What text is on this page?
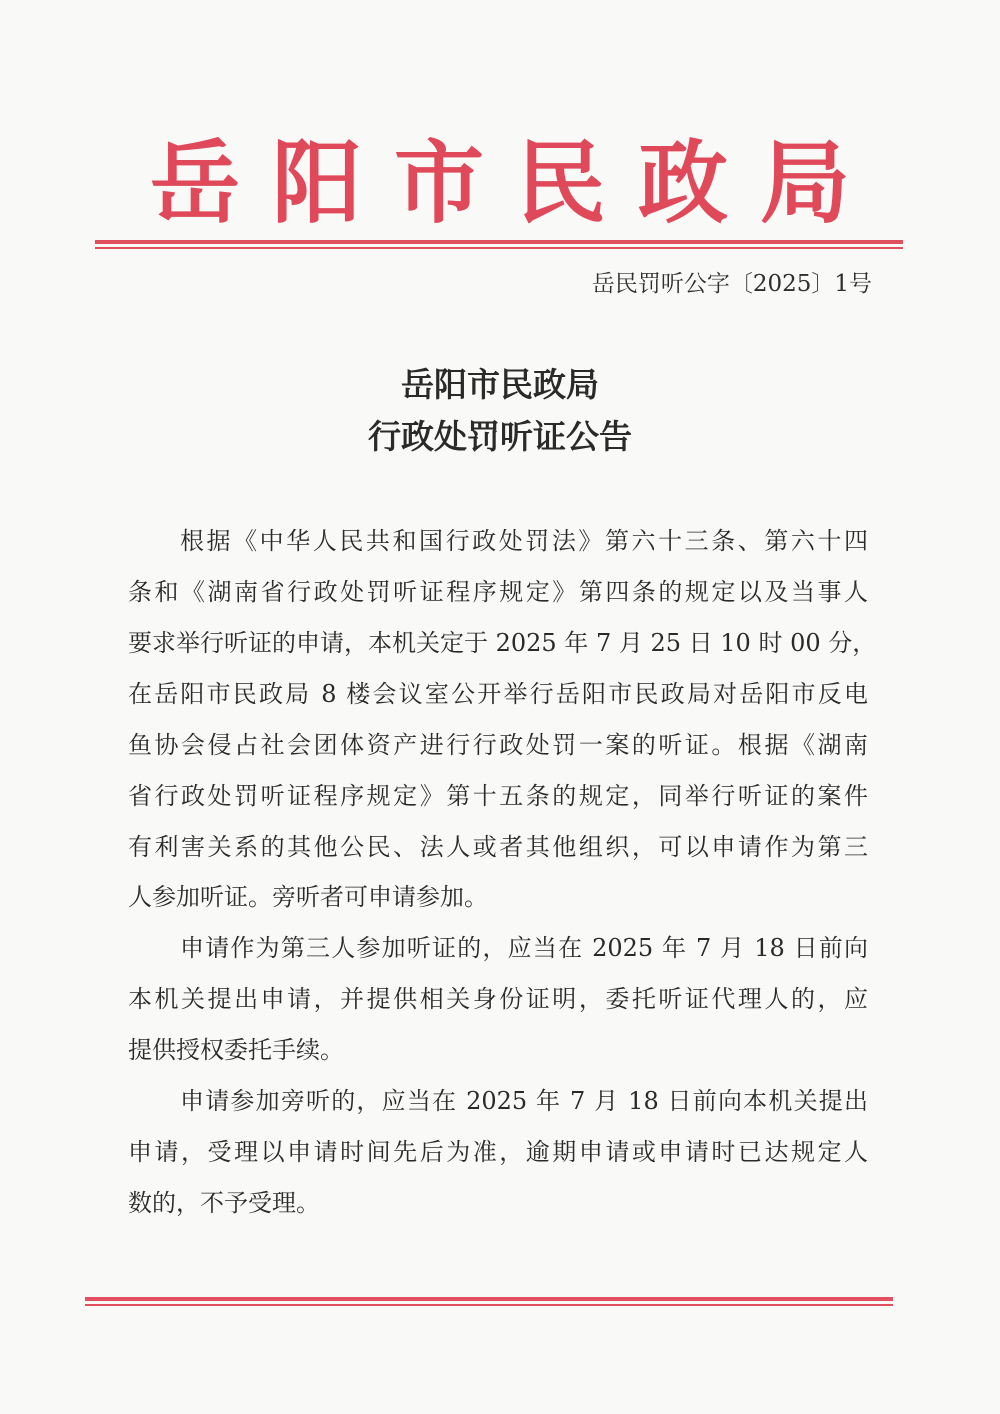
岳阳市民政局
岳民罚听公字〔2025〕1号
岳阳市民政局
行政处罚听证公告
根据《中华人民共和国行政处罚法》第六十三条、第六十四
条和《湖南省行政处罚听证程序规定》第四条的规定以及当事人
要求举行听证的申请，本机关定于 2025 年 7 月 25 日 10 时 00 分，
在岳阳市民政局 8 楼会议室公开举行岳阳市民政局对岳阳市反电
鱼协会侵占社会团体资产进行行政处罚一案的听证。根据《湖南
省行政处罚听证程序规定》第十五条的规定，同举行听证的案件
有利害关系的其他公民、法人或者其他组织，可以申请作为第三
人参加听证。旁听者可申请参加。
申请作为第三人参加听证的，应当在 2025 年 7 月 18 日前向
本机关提出申请，并提供相关身份证明，委托听证代理人的，应
提供授权委托手续。
申请参加旁听的，应当在 2025 年 7 月 18 日前向本机关提出
申请，受理以申请时间先后为准，逾期申请或申请时已达规定人
数的，不予受理。
